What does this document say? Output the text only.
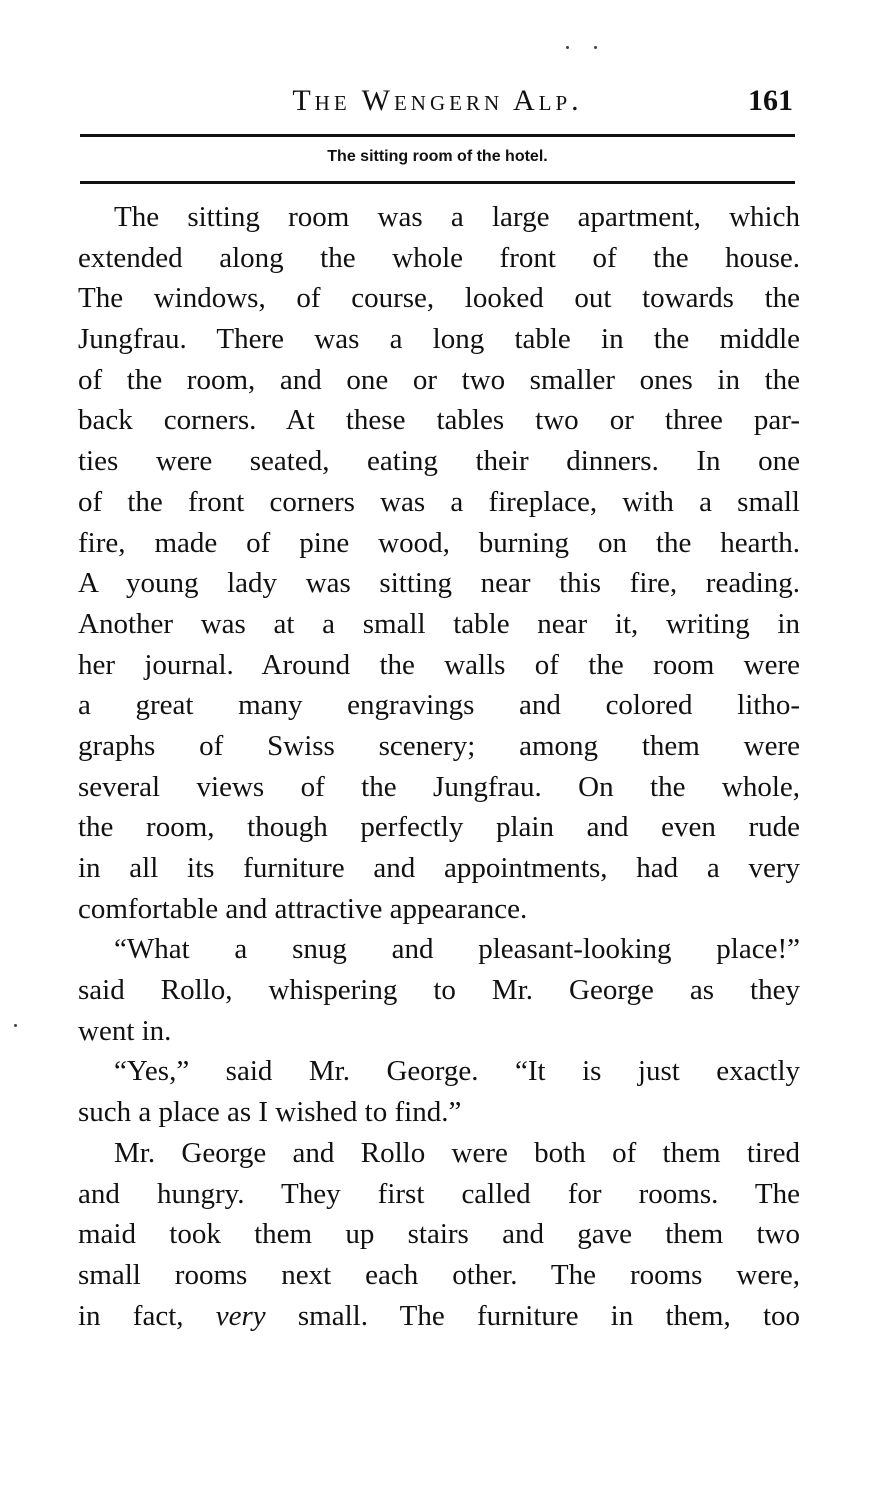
The Wengern Alp.	161
The sitting room of the hotel.
The sitting room was a large apartment, which
extended along the whole front of the house.
The windows, of course, looked out towards the
Jungfrau. There was a long table in the middle
of the room, and one or two smaller ones in the
back corners. At these tables two or three par-
ties were seated, eating their dinners. In one
of the front corners was a fireplace, with a small
fire, made of pine wood, burning on the hearth.
A young lady was sitting near this fire, reading.
Another was at a small table near it, writing in
her journal. Around the walls of the room were
a great many engravings and colored litho-
graphs of Swiss scenery; among them were
several views of the Jungfrau. On the whole,
the room, though perfectly plain and even rude
in all its furniture and appointments, had a very
comfortable and attractive appearance.
“What a snug and pleasant-looking place!”
said Rollo, whispering to Mr. George as they
went in.
“Yes,” said Mr. George. “It is just exactly
such a place as I wished to find.”
Mr. George and Rollo were both of them tired
and hungry. They first called for rooms. The
maid took them up stairs and gave them two
small rooms next each other. The rooms were,
in fact, very small. The furniture in them, too
